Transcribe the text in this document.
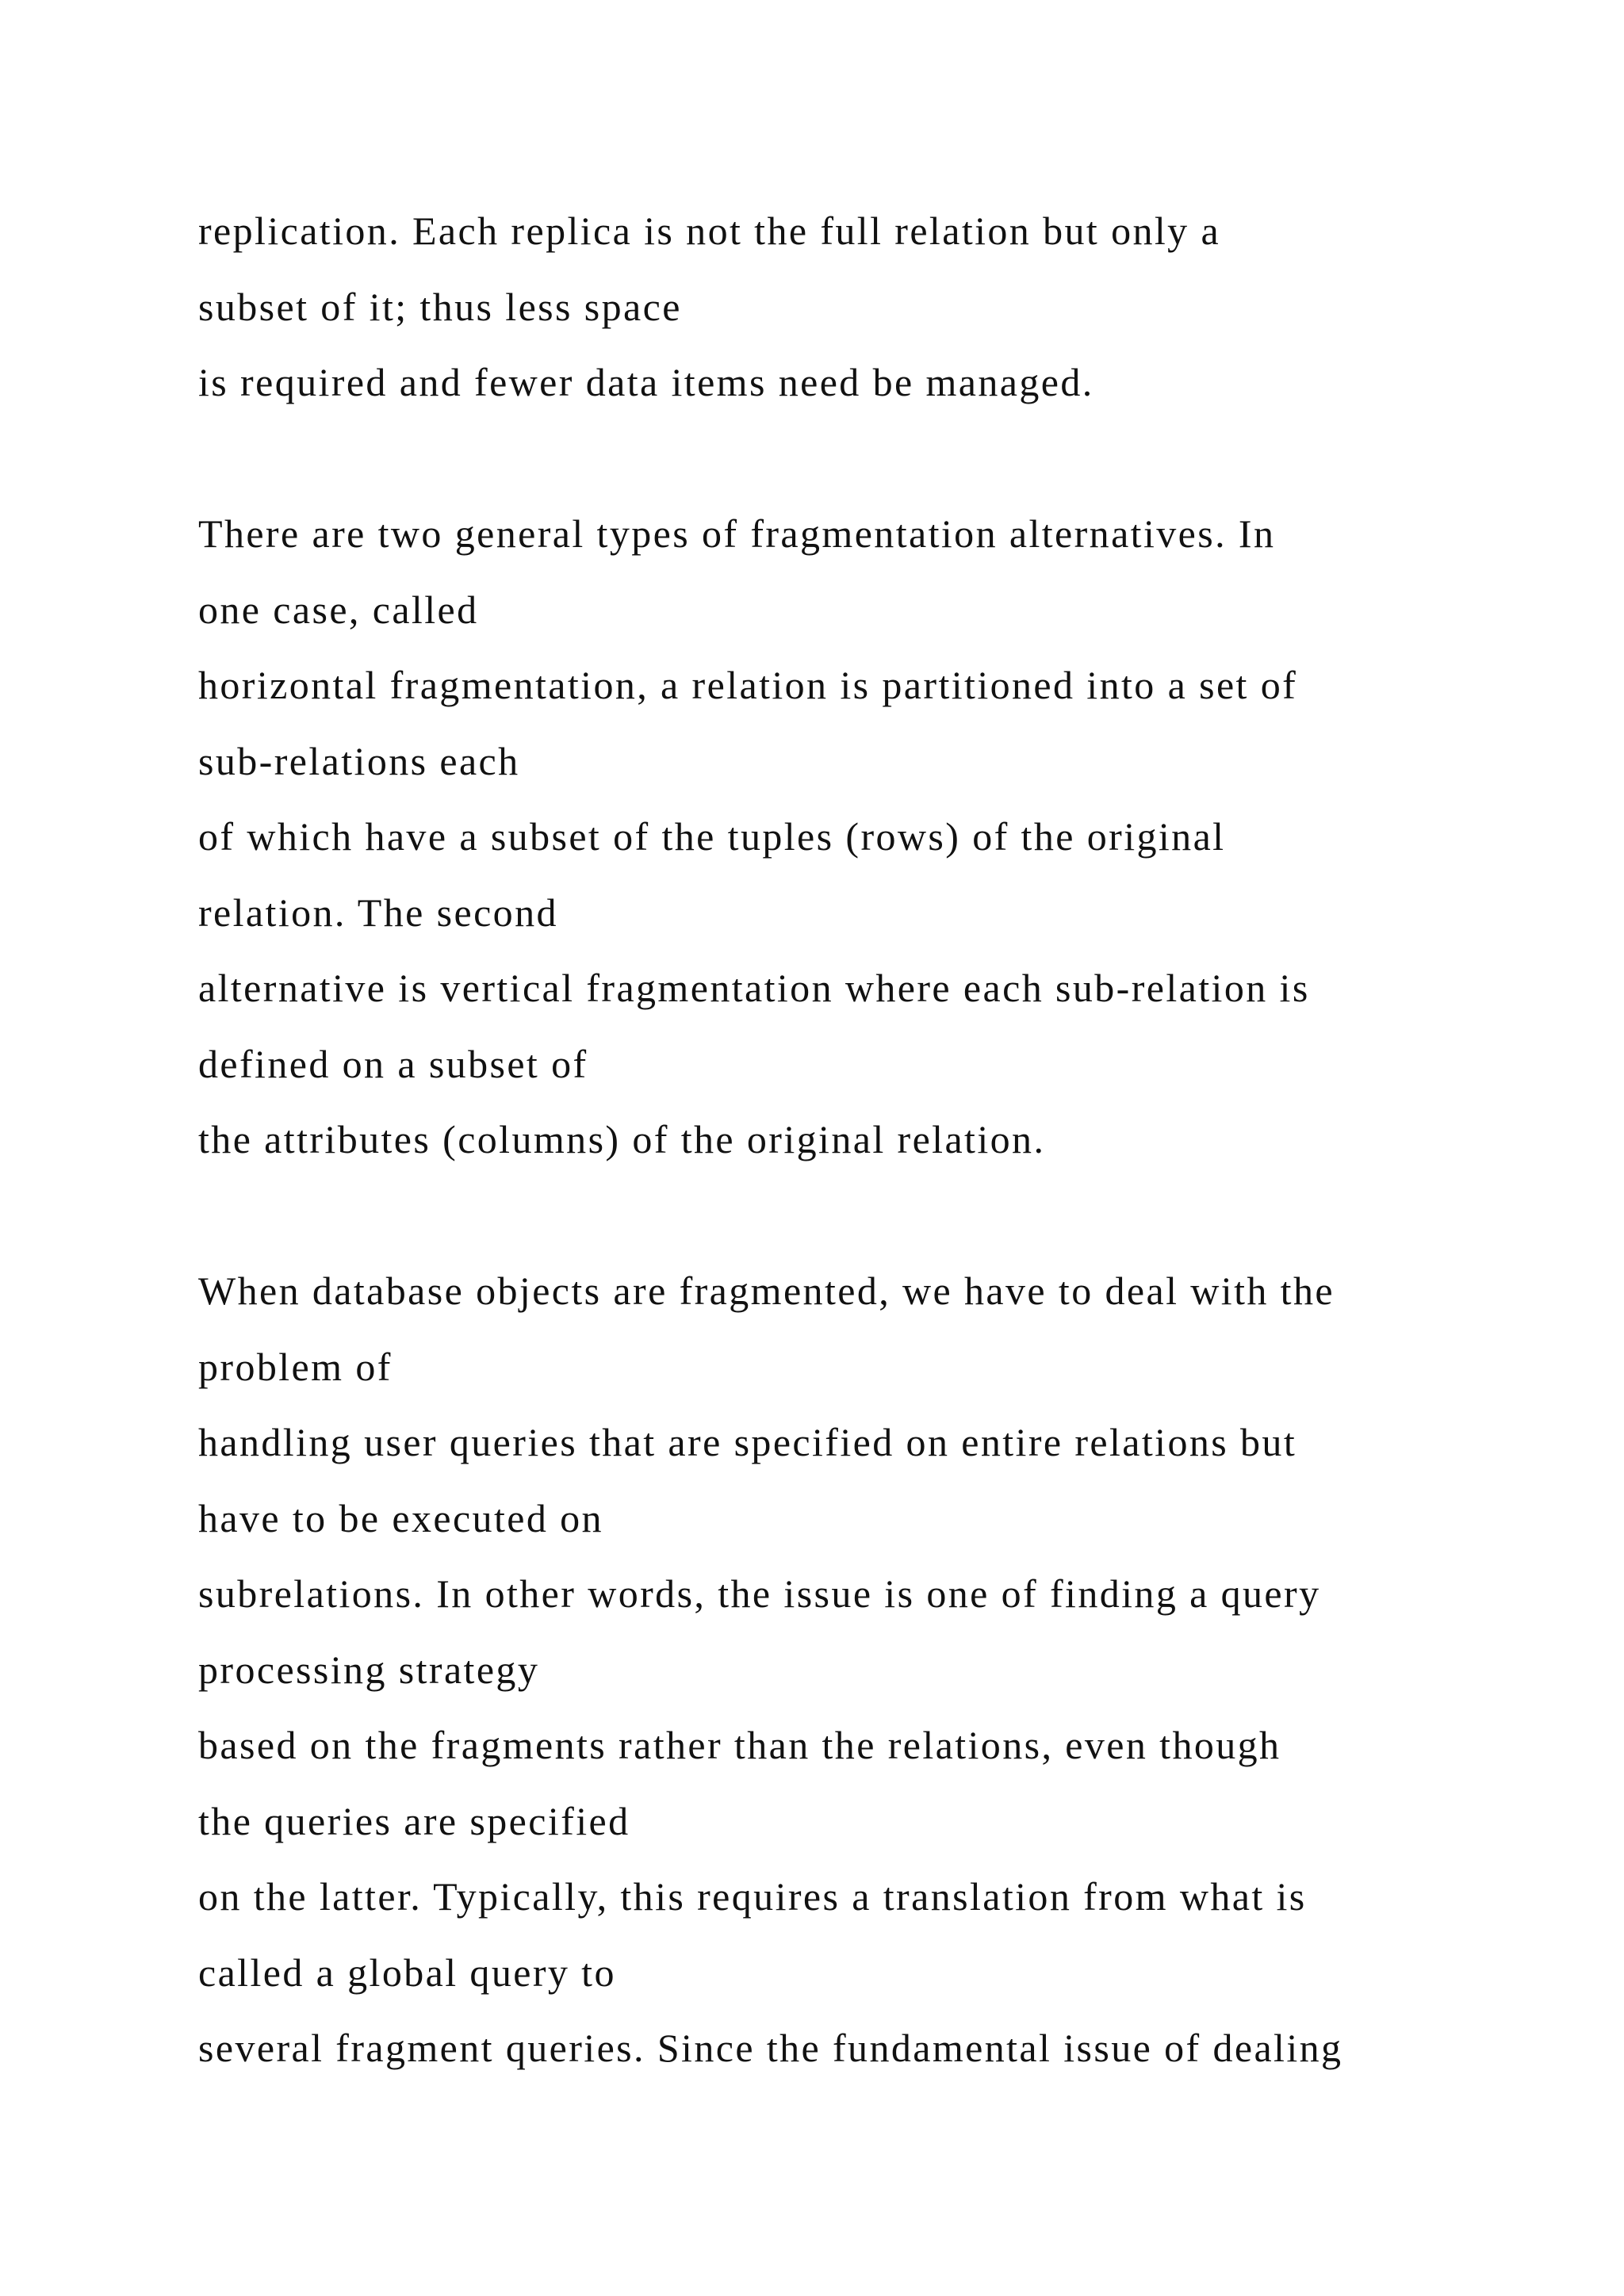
replication. Each replica is not the full relation but only a
subset of it; thus less space
is required and fewer data items need be managed.
There are two general types of fragmentation alternatives. In
one case, called
horizontal fragmentation, a relation is partitioned into a set of
sub-relations each
of which have a subset of the tuples (rows) of the original
relation. The second
alternative is vertical fragmentation where each sub-relation is
defined on a subset of
the attributes (columns) of the original relation.
When database objects are fragmented, we have to deal with the
problem of
handling user queries that are specified on entire relations but
have to be executed on
subrelations. In other words, the issue is one of finding a query
processing strategy
based on the fragments rather than the relations, even though
the queries are specified
on the latter. Typically, this requires a translation from what is
called a global query to
several fragment queries. Since the fundamental issue of dealing
